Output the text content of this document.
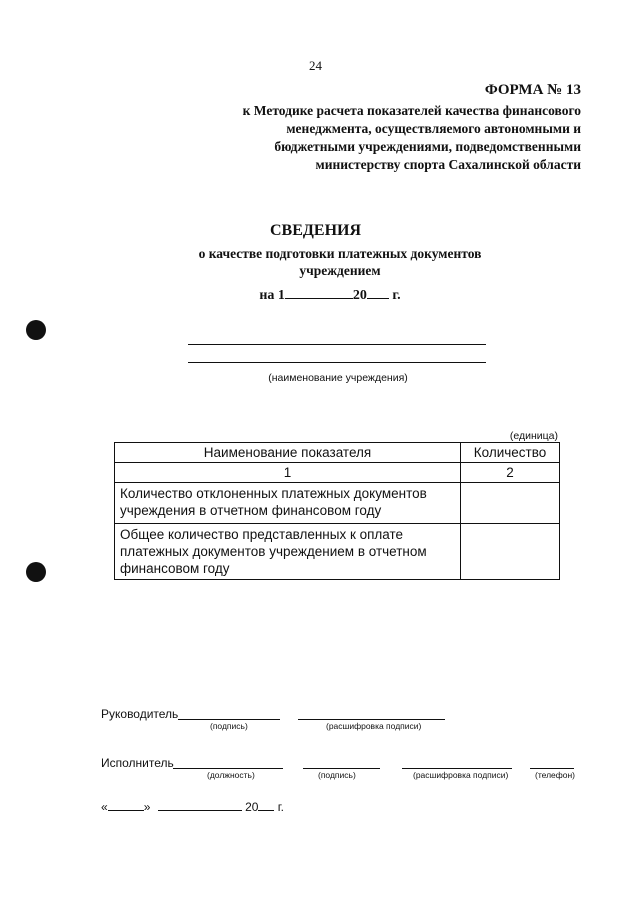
24
ФОРМА № 13
к Методике расчета показателей качества финансового
менеджмента, осуществляемого автономными и
бюджетными учреждениями, подведомственными
министерству спорта Сахалинской области
СВЕДЕНИЯ
о качестве подготовки платежных документов
учреждением
на 1	20 г.
(наименование учреждения)
(единица)
Наименование показателя	Количество
1	2
Количество отклоненных платежных документов учреждения в отчетном финансовом году	
Общее количество представленных к оплате платежных документов учреждением в отчетном финансовом году	
Руководитель
(подпись)	(расшифровка подписи)
Исполнитель
(должность)	(подпись)	(расшифровка подписи)	(телефон)
«	»	20 г.
